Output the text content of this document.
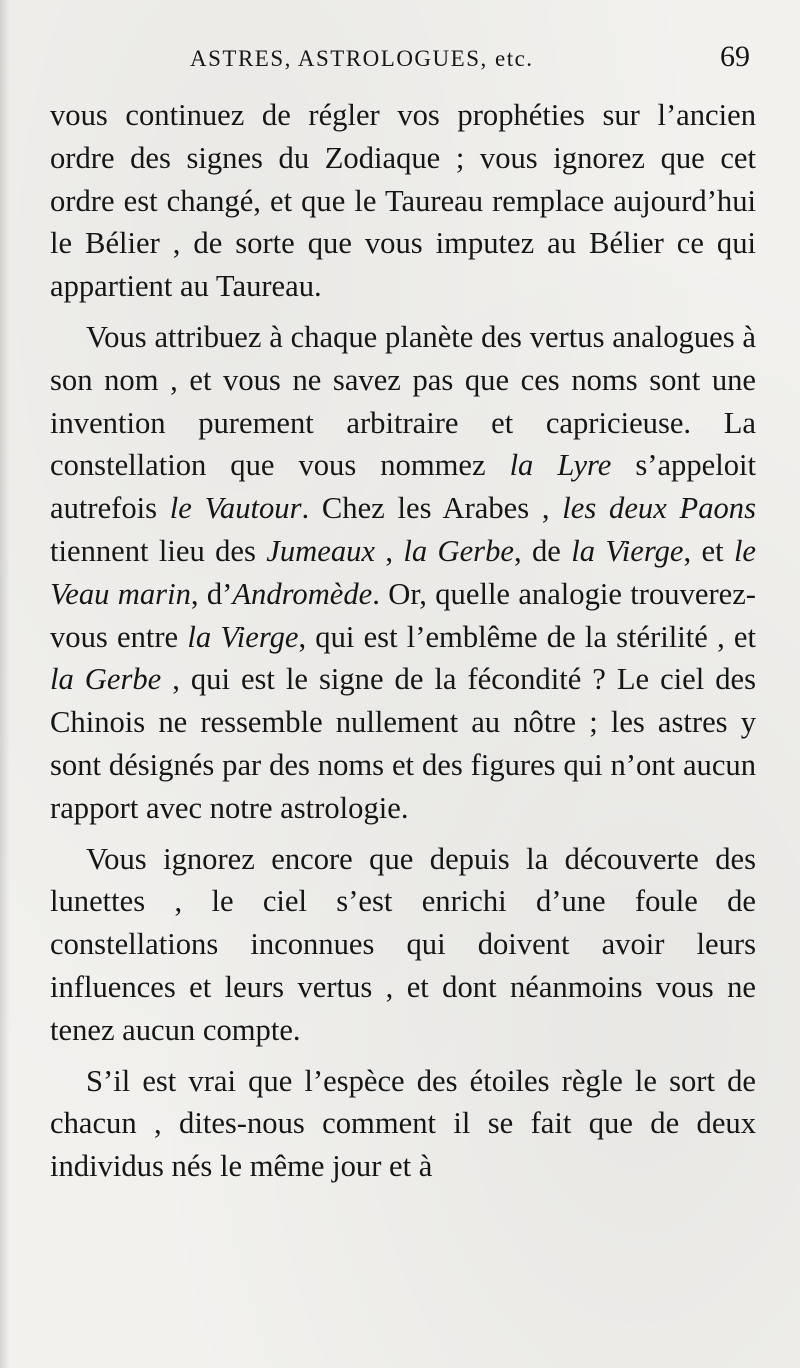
ASTRES, ASTROLOGUES, etc.	69

vous continuez de régler vos prophéties sur l’ancien ordre des signes du Zodiaque ; vous ignorez que cet ordre est changé, et que le Taureau remplace aujourd’hui le Bélier , de sorte que vous imputez au Bélier ce qui appartient au Taureau.

Vous attribuez à chaque planète des vertus analogues à son nom , et vous ne savez pas que ces noms sont une invention purement arbitraire et capricieuse. La constellation que vous nommez la Lyre s’appeloit autrefois le Vautour. Chez les Arabes , les deux Paons tiennent lieu des Jumeaux , la Gerbe, de la Vierge, et le Veau marin, d’Andromède. Or, quelle analogie trouverez-vous entre la Vierge, qui est l’emblême de la stérilité , et la Gerbe , qui est le signe de la fécondité ? Le ciel des Chinois ne ressemble nullement au nôtre ; les astres y sont désignés par des noms et des figures qui n’ont aucun rapport avec notre astrologie.

Vous ignorez encore que depuis la découverte des lunettes , le ciel s’est enrichi d’une foule de constellations inconnues qui doivent avoir leurs influences et leurs vertus , et dont néanmoins vous ne tenez aucun compte.

S’il est vrai que l’espèce des étoiles règle le sort de chacun , dites-nous comment il se fait que de deux individus nés le même jour et à
